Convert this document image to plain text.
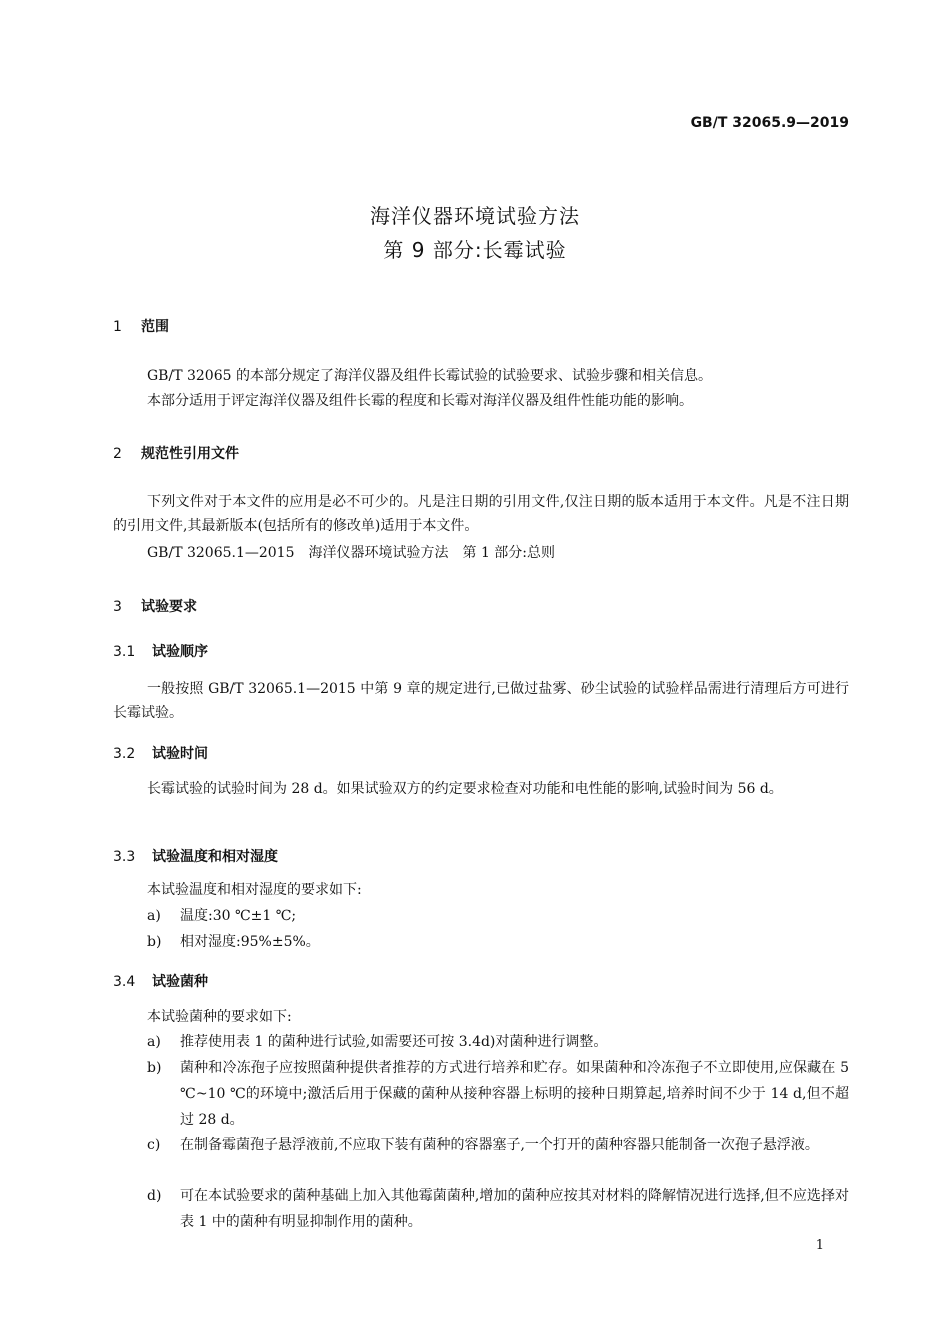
GB/T 32065.9—2019
海洋仪器环境试验方法
第 9 部分:长霉试验
1 范围
GB/T 32065 的本部分规定了海洋仪器及组件长霉试验的试验要求、试验步骤和相关信息。
本部分适用于评定海洋仪器及组件长霉的程度和长霉对海洋仪器及组件性能功能的影响。
2 规范性引用文件
下列文件对于本文件的应用是必不可少的。凡是注日期的引用文件,仅注日期的版本适用于本文件。凡是不注日期的引用文件,其最新版本(包括所有的修改单)适用于本文件。
GB/T 32065.1—2015　海洋仪器环境试验方法　第 1 部分:总则
3 试验要求
3.1 试验顺序
一般按照 GB/T 32065.1—2015 中第 9 章的规定进行,已做过盐雾、砂尘试验的试验样品需进行清理后方可进行长霉试验。
3.2 试验时间
长霉试验的试验时间为 28 d。如果试验双方的约定要求检查对功能和电性能的影响,试验时间为 56 d。
3.3 试验温度和相对湿度
本试验温度和相对湿度的要求如下:
a) 温度:30 ℃±1 ℃;
b) 相对湿度:95%±5%。
3.4 试验菌种
本试验菌种的要求如下:
a) 推荐使用表 1 的菌种进行试验,如需要还可按 3.4d)对菌种进行调整。
b) 菌种和冷冻孢子应按照菌种提供者推荐的方式进行培养和贮存。如果菌种和冷冻孢子不立即使用,应保藏在 5 ℃~10 ℃的环境中;激活后用于保藏的菌种从接种容器上标明的接种日期算起,培养时间不少于 14 d,但不超过 28 d。
c) 在制备霉菌孢子悬浮液前,不应取下装有菌种的容器塞子,一个打开的菌种容器只能制备一次孢子悬浮液。
d) 可在本试验要求的菌种基础上加入其他霉菌菌种,增加的菌种应按其对材料的降解情况进行选择,但不应选择对表 1 中的菌种有明显抑制作用的菌种。
1
